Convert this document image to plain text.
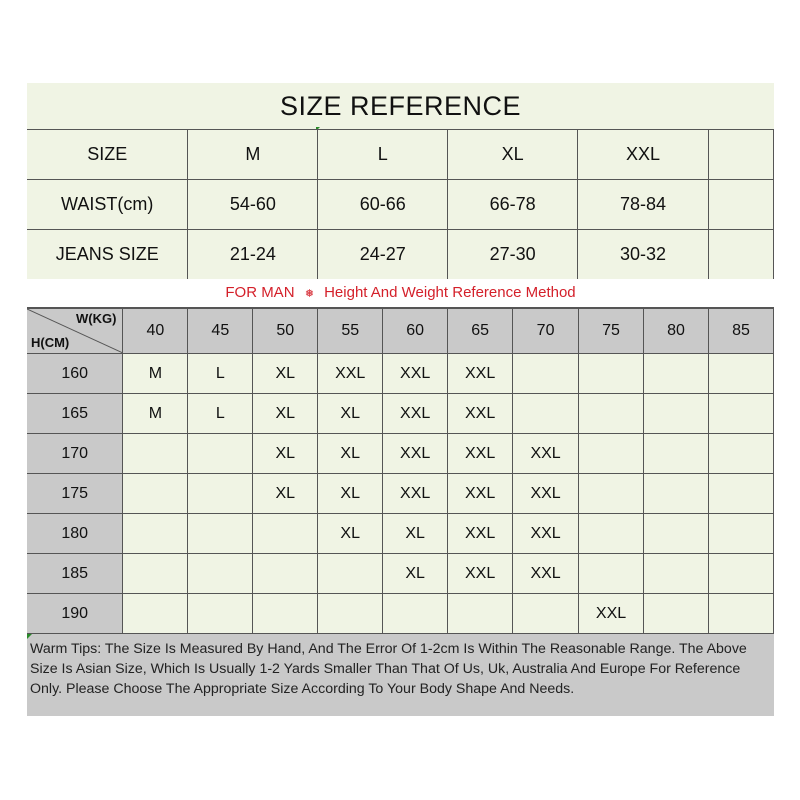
SIZE REFERENCE
SIZE	M	L	XL	XXL	
WAIST(cm)	54-60	60-66	66-78	78-84	
JEANS SIZE	21-24	24-27	27-30	30-32	
FOR MAN ❅ Height And Weight Reference Method
W(KG)
H(CM)	40	45	50	55	60	65	70	75	80	85
160	M	L	XL	XXL	XXL	XXL				
165	M	L	XL	XL	XXL	XXL				
170			XL	XL	XXL	XXL	XXL			
175			XL	XL	XXL	XXL	XXL			
180				XL	XL	XXL	XXL			
185					XL	XXL	XXL			
190								XXL		
Warm Tips: The Size Is Measured By Hand, And The Error Of 1-2cm Is Within The Reasonable Range. The Above Size Is Asian Size, Which Is Usually 1-2 Yards Smaller Than That Of Us, Uk, Australia And Europe For Reference Only. Please Choose The Appropriate Size According To Your Body Shape And Needs.
